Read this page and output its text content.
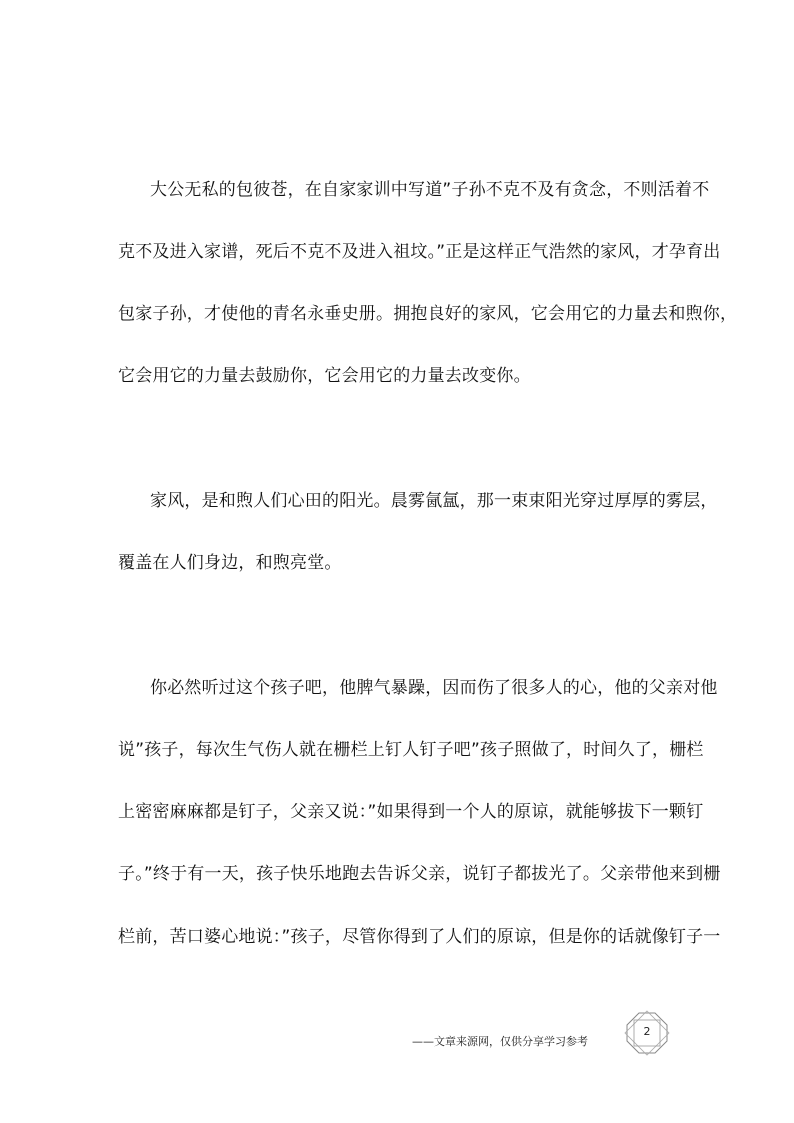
大公无私的包彼苍，在自家家训中写道”子孙不克不及有贪念，不则活着不

克不及进入家谱，死后不克不及进入祖坟。”正是这样正气浩然的家风，才孕育出

包家子孙，才使他的青名永垂史册。拥抱良好的家风，它会用它的力量去和煦你，

它会用它的力量去鼓励你，它会用它的力量去改变你。

家风，是和煦人们心田的阳光。晨雾氤氲，那一束束阳光穿过厚厚的雾层，

覆盖在人们身边，和煦亮堂。

你必然听过这个孩子吧，他脾气暴躁，因而伤了很多人的心，他的父亲对他

说”孩子，每次生气伤人就在栅栏上钉人钉子吧”孩子照做了，时间久了，栅栏

上密密麻麻都是钉子，父亲又说：”如果得到一个人的原谅，就能够拔下一颗钉

子。”终于有一天，孩子快乐地跑去告诉父亲，说钉子都拔光了。父亲带他来到栅

栏前，苦口婆心地说：”孩子，尽管你得到了人们的原谅，但是你的话就像钉子一

——文章来源网，仅供分享学习参考
2
